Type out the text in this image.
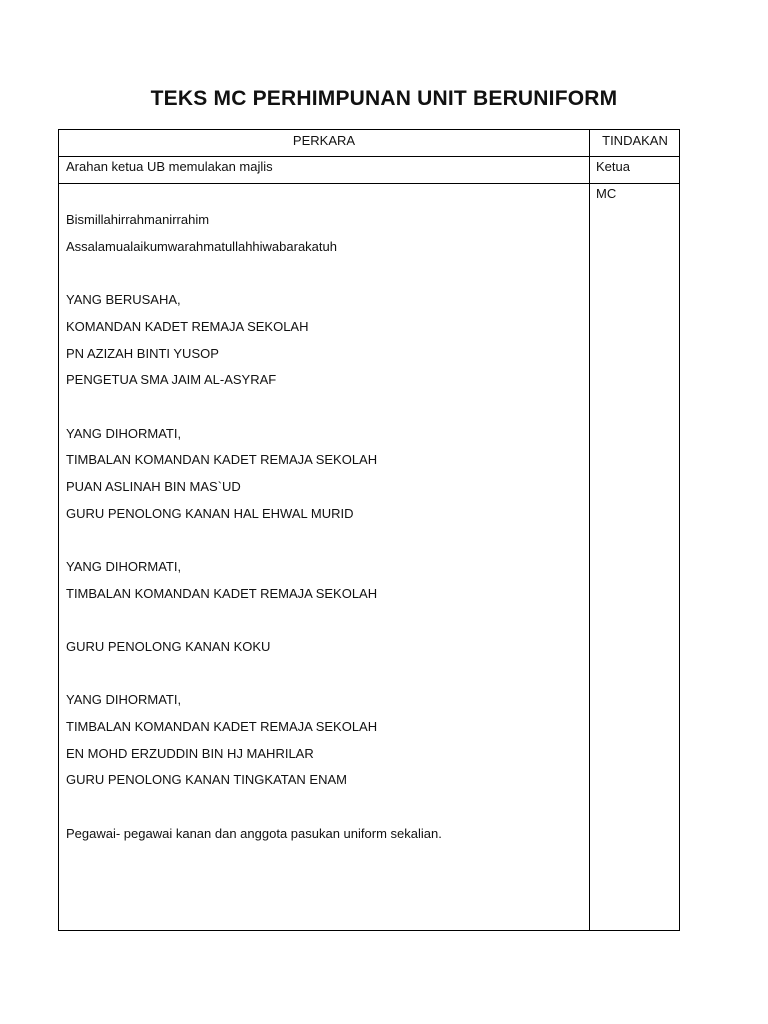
TEKS MC PERHIMPUNAN UNIT BERUNIFORM
PERKARA	TINDAKAN
Arahan ketua UB memulakan majlis	Ketua
MC
Bismillahirrahmanirrahim
Assalamualaikumwarahmatullahhiwabarakatuh
YANG BERUSAHA,
KOMANDAN KADET REMAJA SEKOLAH
PN AZIZAH BINTI YUSOP
PENGETUA SMA JAIM AL-ASYRAF
YANG DIHORMATI,
TIMBALAN KOMANDAN KADET REMAJA SEKOLAH
PUAN ASLINAH BIN MAS`UD
GURU PENOLONG KANAN HAL EHWAL MURID
YANG DIHORMATI,
TIMBALAN KOMANDAN KADET REMAJA SEKOLAH
GURU PENOLONG KANAN KOKU
YANG DIHORMATI,
TIMBALAN KOMANDAN KADET REMAJA SEKOLAH
EN MOHD ERZUDDIN BIN HJ MAHRILAR
GURU PENOLONG KANAN TINGKATAN ENAM
Pegawai- pegawai kanan dan anggota pasukan uniform sekalian.
